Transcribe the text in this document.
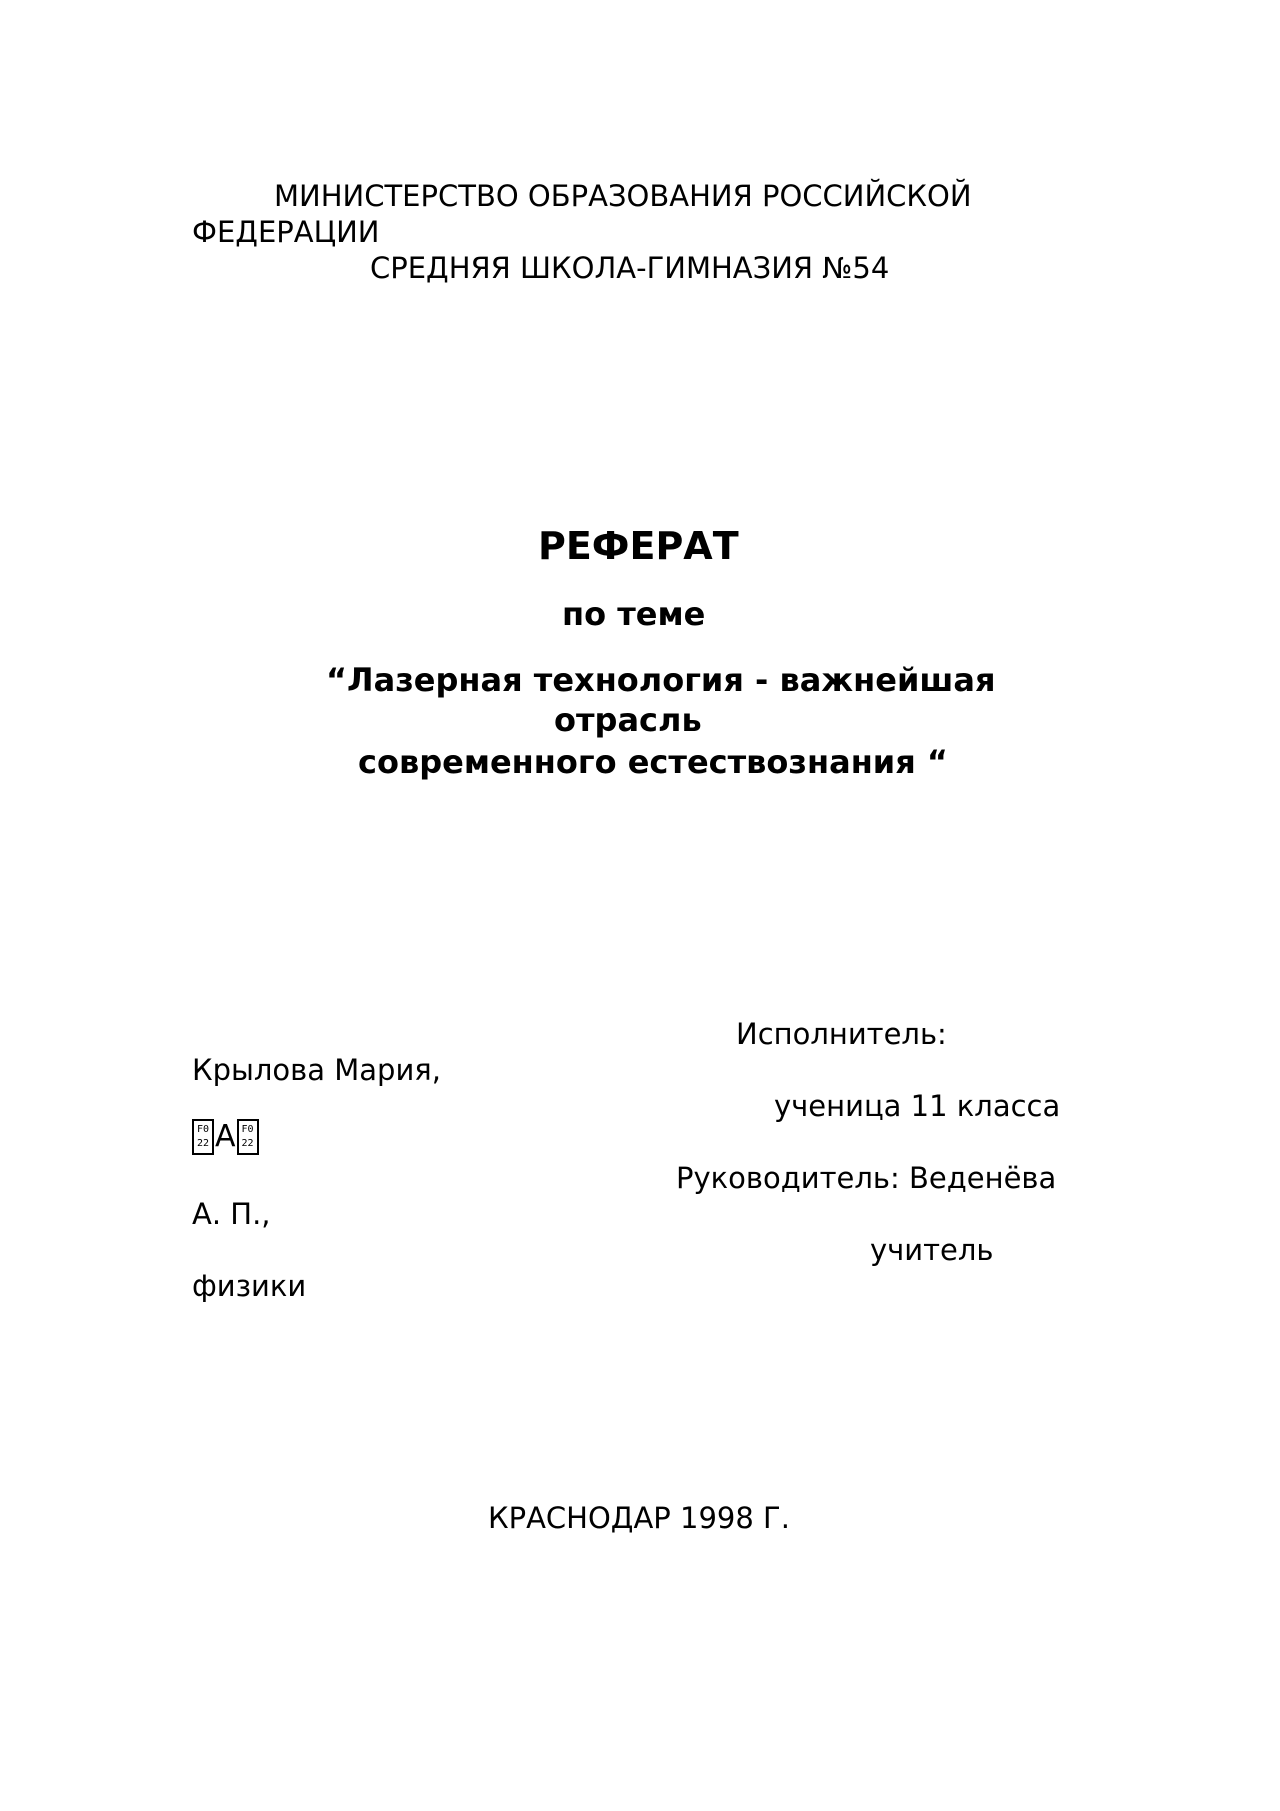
МИНИСТЕРСТВО ОБРАЗОВАНИЯ РОССИЙСКОЙ
ФЕДЕРАЦИИ
СРЕДНЯЯ ШКОЛА-ГИМНАЗИЯ №54
РЕФЕРАТ
по теме
“Лазерная технология - важнейшая
отрасль
современного естествознания “
Исполнитель:
Крылова Мария,
ученица 11 класса
F0
22 А F0
22
Руководитель: Веденёва
А. П.,
учитель
физики
КРАСНОДАР 1998 Г.
